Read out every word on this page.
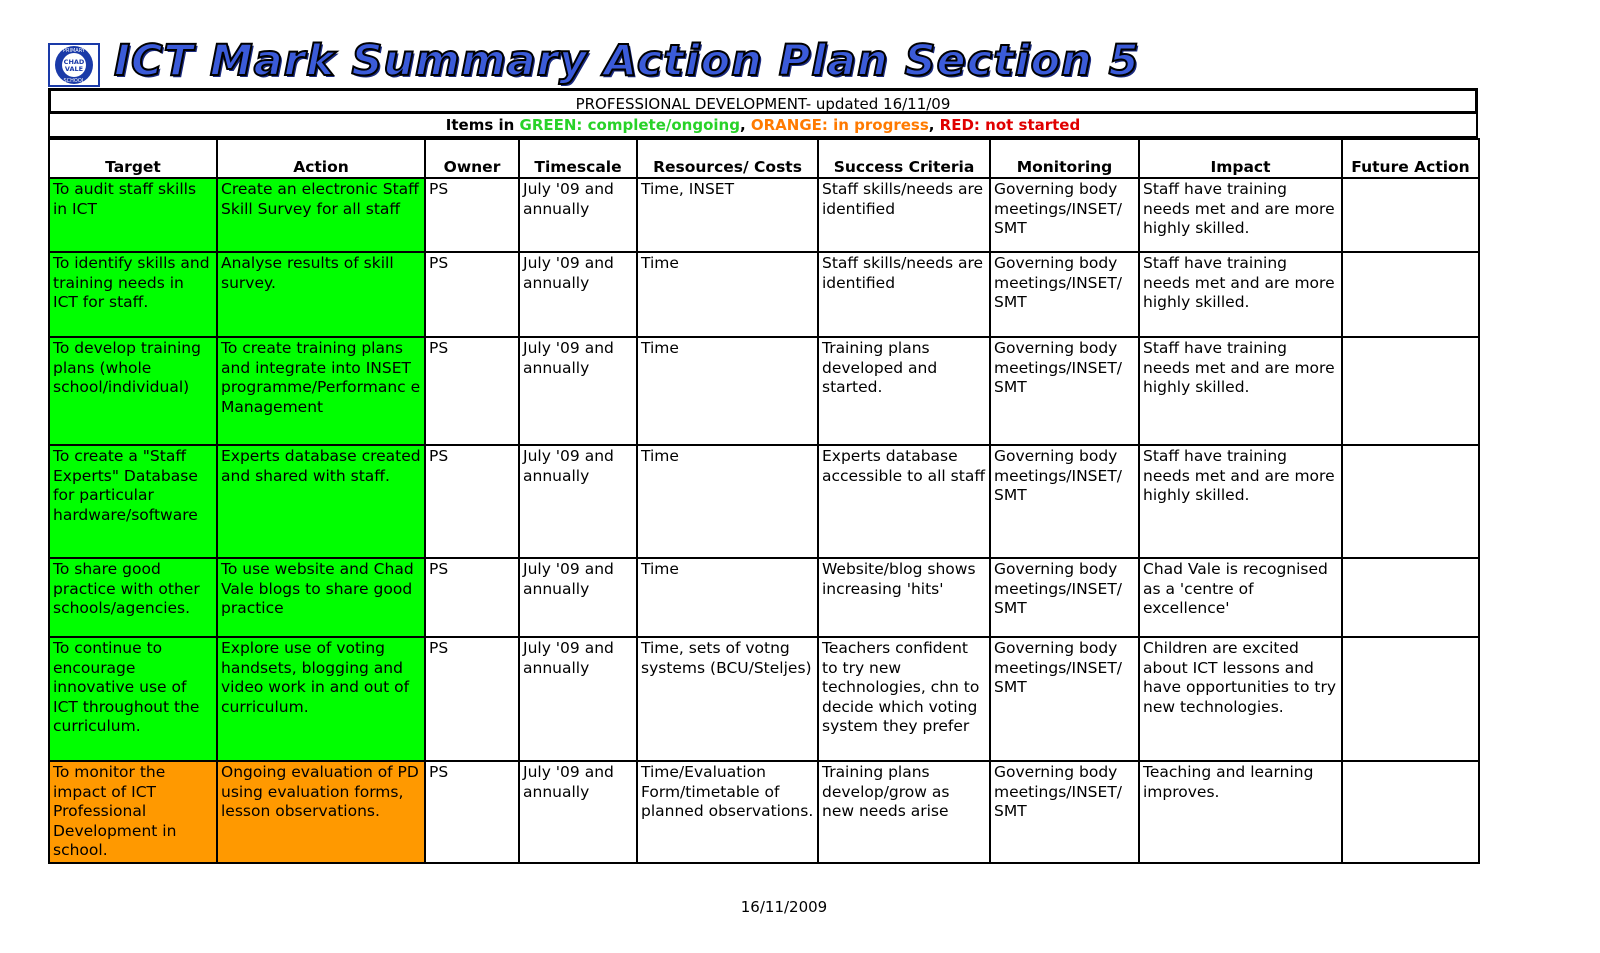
PRIMARY
CHAD
VALE
SCHOOL ICT Mark Summary Action Plan Section 5
PROFESSIONAL DEVELOPMENT- updated 16/11/09
Items in GREEN: complete/ongoing, ORANGE: in progress, RED: not started
Target	Action	Owner	Timescale	Resources/ Costs	Success Criteria	Monitoring	Impact	Future Action
To audit staff skills in ICT	Create an electronic Staff Skill Survey for all staff	PS	July '09 and annually	Time, INSET	Staff skills/needs are identified	Governing body meetings/INSET/ SMT	Staff have training needs met and are more highly skilled.	
To identify skills and training needs in ICT for staff.	Analyse results of skill survey.	PS	July '09 and annually	Time	Staff skills/needs are identified	Governing body meetings/INSET/ SMT	Staff have training needs met and are more highly skilled.	
To develop training plans (whole school/individual)	To create training plans and integrate into INSET programme/Performanc e Management	PS	July '09 and annually	Time	Training plans developed and started.	Governing body meetings/INSET/ SMT	Staff have training needs met and are more highly skilled.	
To create a "Staff Experts" Database for particular hardware/software	Experts database created and shared with staff.	PS	July '09 and annually	Time	Experts database accessible to all staff	Governing body meetings/INSET/ SMT	Staff have training needs met and are more highly skilled.	
To share good practice with other schools/agencies.	To use website and Chad Vale blogs to share good practice	PS	July '09 and annually	Time	Website/blog shows increasing 'hits'	Governing body meetings/INSET/ SMT	Chad Vale is recognised as a 'centre of excellence'	
To continue to encourage innovative use of ICT throughout the curriculum.	Explore use of voting handsets, blogging and video work in and out of curriculum.	PS	July '09 and annually	Time, sets of votng systems (BCU/Steljes)	Teachers confident to try new technologies, chn to decide which voting system they prefer	Governing body meetings/INSET/ SMT	Children are excited about ICT lessons and have opportunities to try new technologies.	
To monitor the impact of ICT Professional Development in school.	Ongoing evaluation of PD using evaluation forms, lesson observations.	PS	July '09 and annually	Time/Evaluation Form/timetable of planned observations.	Training plans develop/grow as new needs arise	Governing body meetings/INSET/ SMT	Teaching and learning improves.	
16/11/2009
